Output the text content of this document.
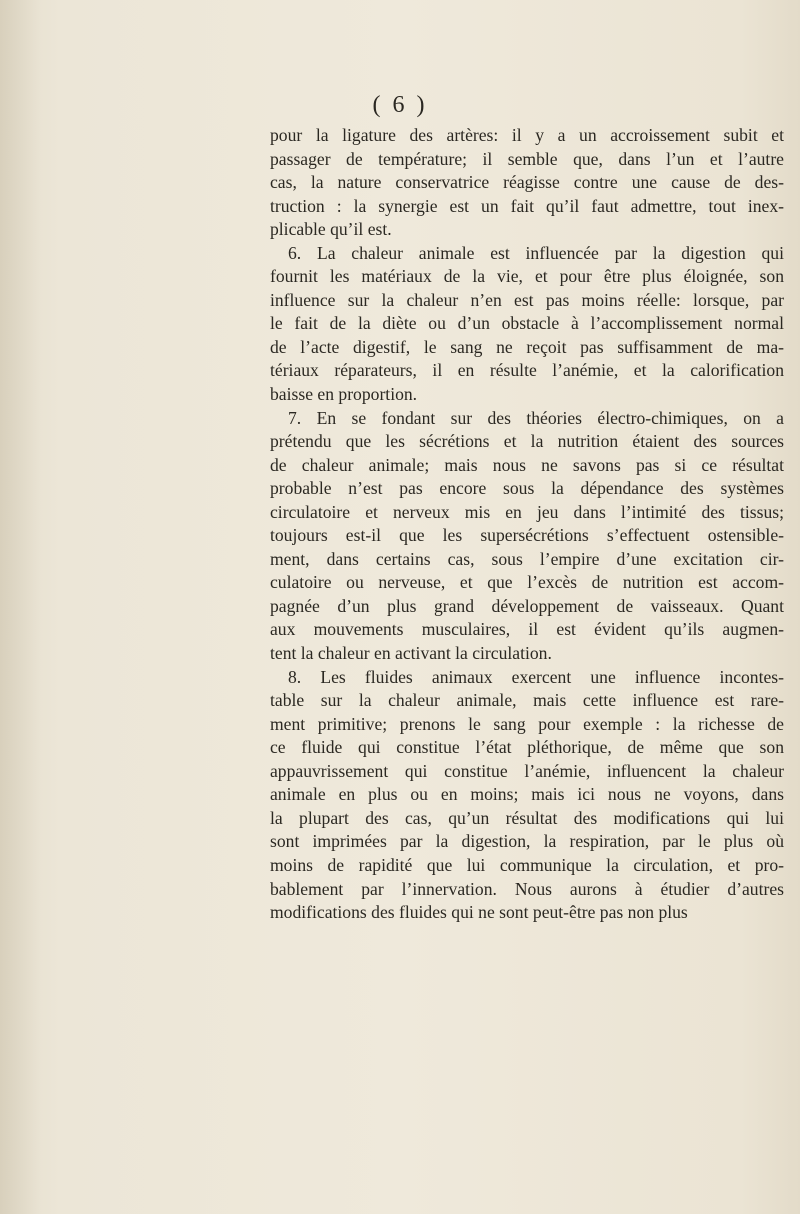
( 6 )
pour la ligature des artères: il y a un accroissement subit et
passager de température; il semble que, dans l’un et l’autre
cas, la nature conservatrice réagisse contre une cause de des-
truction : la synergie est un fait qu’il faut admettre, tout inex-
plicable qu’il est.
6. La chaleur animale est influencée par la digestion qui
fournit les matériaux de la vie, et pour être plus éloignée, son
influence sur la chaleur n’en est pas moins réelle: lorsque, par
le fait de la diète ou d’un obstacle à l’accomplissement normal
de l’acte digestif, le sang ne reçoit pas suffisamment de ma-
tériaux réparateurs, il en résulte l’anémie, et la calorification
baisse en proportion.
7. En se fondant sur des théories électro-chimiques, on a
prétendu que les sécrétions et la nutrition étaient des sources
de chaleur animale; mais nous ne savons pas si ce résultat
probable n’est pas encore sous la dépendance des systèmes
circulatoire et nerveux mis en jeu dans l’intimité des tissus;
toujours est-il que les supersécrétions s’effectuent ostensible-
ment, dans certains cas, sous l’empire d’une excitation cir-
culatoire ou nerveuse, et que l’excès de nutrition est accom-
pagnée d’un plus grand développement de vaisseaux. Quant
aux mouvements musculaires, il est évident qu’ils augmen-
tent la chaleur en activant la circulation.
8. Les fluides animaux exercent une influence incontes-
table sur la chaleur animale, mais cette influence est rare-
ment primitive; prenons le sang pour exemple : la richesse de
ce fluide qui constitue l’état pléthorique, de même que son
appauvrissement qui constitue l’anémie, influencent la chaleur
animale en plus ou en moins; mais ici nous ne voyons, dans
la plupart des cas, qu’un résultat des modifications qui lui
sont imprimées par la digestion, la respiration, par le plus où
moins de rapidité que lui communique la circulation, et pro-
bablement par l’innervation. Nous aurons à étudier d’autres
modifications des fluides qui ne sont peut-être pas non plus
